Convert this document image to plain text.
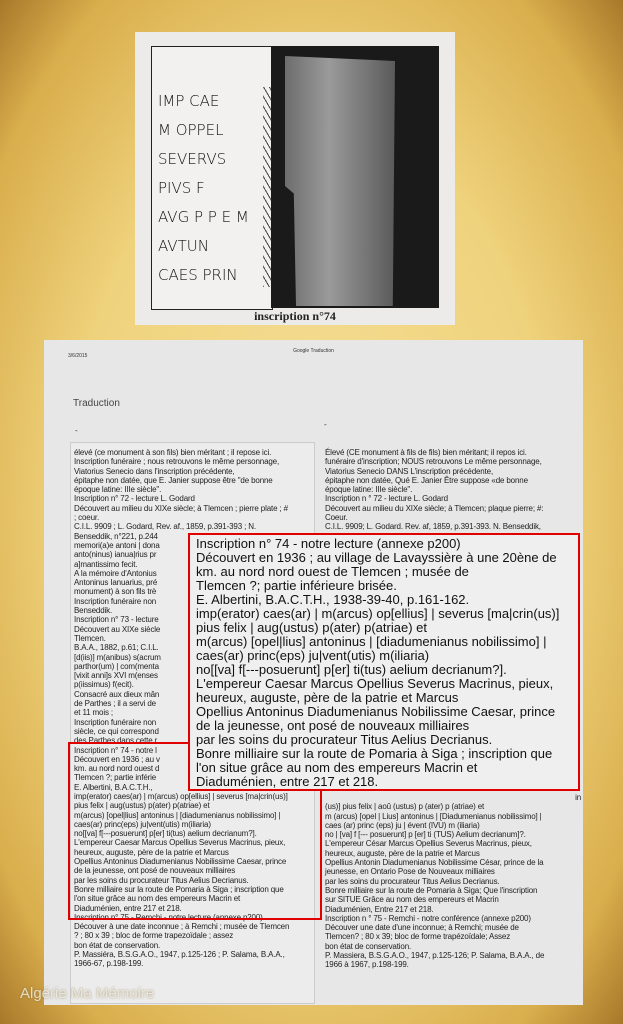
IMP CAE
M OPPEL
SEVERVS
PIVS F
AVG P P E M
AVTUN
CAES PRIN
inscription n°74
3/6/2015
Google Traduction
Traduction
-
-
élevé (ce monument à son fils) bien méritant ; il repose ici.
Inscription funéraire ; nous retrouvons le même personnage,
Viatorius Senecio dans l'inscription précédente,
épitaphe non datée, que E. Janier suppose être "de bonne
époque latine: IIIe siècle".
Inscription n° 72 - lecture L. Godard
Découvert au milieu du XIXe siècle; à Tlemcen ; pierre plate ; #
; coeur.
C.I.L. 9909 ; L. Godard, Rev. af., 1859, p.391-393 ; N.
Benseddik, n°221, p.244
memori(a)e antoni | dona
anto(ninus) ianua|rius pr
a]mantissimo fecit.
A la mémoire d'Antonius
Antoninus Ianuarius, pré
monument) à son fils trè
Inscription funéraire non
Benseddik.
Inscription n° 73 - lecture
Découvert au XIXe siècle
Tlemcen.
B.A.A., 1882, p.61; C.I.L.
[d(iis)] m(anibus) s(acrum
parthor(um) | com(menta
[vixit anni]s XVI m(enses
p(iissimus) f(ecit).
Consacré aux dieux mân
de Parthes ; il a servi de
et 11 mois ;
Inscription funéraire non
siècle, ce qui correspond
des Parthes dans cette r
Inscription n° 74 - notre l
Découvert en 1936 ; au v
km. au nord nord ouest d
Tlemcen ?; partie inférie
E. Albertini, B.A.C.T.H.,
imp(erator) caes(ar) | m(arcus) op[ellius] | severus [ma|crin(us)]
pius felix | aug(ustus) p(ater) p(atriae) et
m(arcus) [opel|lius] antoninus | [diadumenianus nobilissimo] |
caes(ar) princ(eps) ju|vent(utis) m(iliaria)
no[[va] f[---posuerunt] p[er] ti(tus) aelium decrianum?].
L'empereur Caesar Marcus Opellius Severus Macrinus, pieux,
heureux, auguste, père de la patrie et Marcus
Opellius Antoninus Diadumenianus Nobilissime Caesar, prince
de la jeunesse, ont posé de nouveaux milliaires
par les soins du procurateur Titus Aelius Decrianus.
Bonre milliaire sur la route de Pomaria à Siga ; inscription que
l'on situe grâce au nom des empereurs Macrin et
Diaduménien, entre 217 et 218.
Inscription n° 75 - Remchi - notre lecture (annexe p200)
Découver à une date inconnue ; à Remchi ; musée de Tlemcen
? ; 80 x 39 ; bloc de forme trapezoïdale ; assez
bon état de conservation.
P. Massiéra, B.S.G.A.O., 1947, p.125-126 ; P. Salama, B.A.A.,
1966-67, p.198-199.
Élevé (CE monument à fils de fils) bien méritant; il repos ici.
funéraire d'inscription; NOUS retrouvons Le même personnage,
Viatorius Senecio DANS L'inscription précédente,
épitaphe non datée, Qué E. Janier Être suppose «de bonne
époque latine: IIIe siècle".
Inscription n ° 72 - lecture L. Godard
Découvert au milieu du XIXe siècle; à Tlemcen; plaque pierre; #:
Coeur.
C.I.L. 9909; L. Godard. Rev. af, 1859, p.391-393. N. Benseddik,
in
(us)] pius felix | aoû (ustus) p (ater) p (atriae) et
m (arcus) [opel | Lius] antoninus | [Diadumenianus nobilissimo] |
caes (ar) princ (eps) ju | évent (IVU) m (iliaria)
no | [va] f [--- posuerunt] p [er] ti (TUS) Aelium decrianum]?.
L'empereur César Marcus Opellius Severus Macrinus, pieux,
heureux, auguste, père de la patrie et Marcus
Opellius Antonin Diadumenianus Nobilissime César, prince de la
jeunesse, en Ontario Pose de Nouveaux milliaires
par les soins du procurateur Titus Aelius Decrianus.
Bonre milliaire sur la route de Pomaria à Siga; Que l'inscription
sur SITUE Grâce au nom des empereurs et Macrin
Diaduménien, Entre 217 et 218.
Inscription n ° 75 - Remchi - notre conférence (annexe p200)
Découver une date d'une inconnue; à Remchi; musée de
Tlemcen? ; 80 x 39; bloc de forme trapézoïdale; Assez
bon état de conservation.
P. Massiera, B.S.G.A.O., 1947, p.125-126; P. Salama, B.A.A., de
1966 à 1967, p.198-199.
Inscription n° 74 - notre lecture (annexe p200)
Découvert en 1936 ; au village de Lavayssière à une 20ène de
km. au nord nord ouest de Tlemcen ; musée de
Tlemcen ?; partie inférieure brisée.
E. Albertini, B.A.C.T.H., 1938-39-40, p.161-162.
imp(erator) caes(ar) | m(arcus) op[ellius] | severus [ma|crin(us)]
pius felix | aug(ustus) p(ater) p(atriae) et
m(arcus) [opel|lius] antoninus | [diadumenianus nobilissimo] |
caes(ar) princ(eps) ju|vent(utis) m(iliaria)
no[[va] f[---posuerunt] p[er] ti(tus) aelium decrianum?].
L'empereur Caesar Marcus Opellius Severus Macrinus, pieux,
heureux, auguste, père de la patrie et Marcus
Opellius Antoninus Diadumenianus Nobilissime Caesar, prince
de la jeunesse, ont posé de nouveaux milliaires
par les soins du procurateur Titus Aelius Decrianus.
Bonre milliaire sur la route de Pomaria à Siga ; inscription que
l'on situe grâce au nom des empereurs Macrin et
Diaduménien, entre 217 et 218.
Algérie Ma Mémoire
